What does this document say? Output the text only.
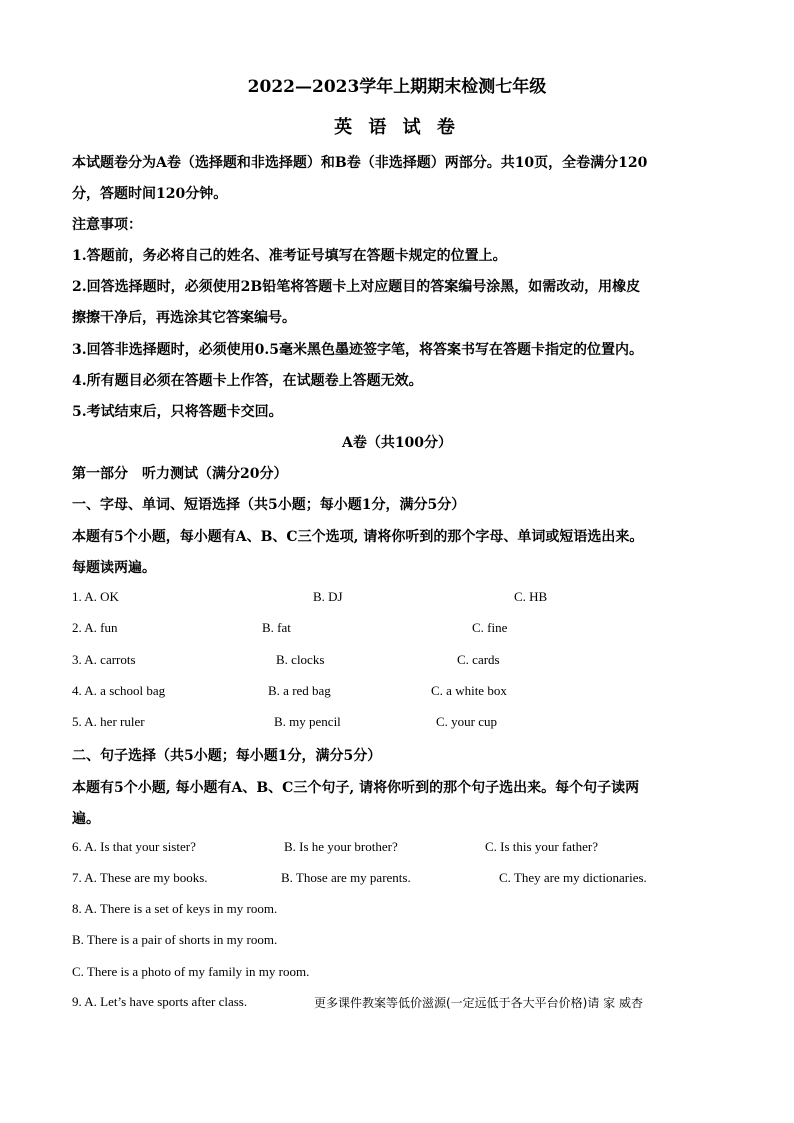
2022—2023学年上期期末检测七年级
英 语 试 卷
本试题卷分为A卷（选择题和非选择题）和B卷（非选择题）两部分。共10页，全卷满分120
分，答题时间120分钟。
注意事项：
1.答题前，务必将自己的姓名、准考证号填写在答题卡规定的位置上。
2.回答选择题时，必须使用2B铅笔将答题卡上对应题目的答案编号涂黑，如需改动，用橡皮
擦擦干净后，再选涂其它答案编号。
3.回答非选择题时，必须使用0.5毫米黑色墨迹签字笔，将答案书写在答题卡指定的位置内。
4.所有题目必须在答题卡上作答，在试题卷上答题无效。
5.考试结束后，只将答题卡交回。
A卷（共100分）
第一部分　听力测试（满分20分）
一、字母、单词、短语选择（共5小题；每小题1分，满分5分）
本题有5个小题，每小题有A、B、C三个选项, 请将你听到的那个字母、单词或短语选出来。
每题读两遍。
1. A. OK	B. DJ	C. HB
2. A. fun	B. fat	C. fine
3. A. carrots	B. clocks	C. cards
4. A. a school bag	B. a red bag	C. a white box
5. A. her ruler	B. my pencil	C. your cup
二、句子选择（共5小题；每小题1分，满分5分）
本题有5个小题, 每小题有A、B、C三个句子, 请将你听到的那个句子选出来。每个句子读两
遍。
6. A. Is that your sister?	B. Is he your brother?	C. Is this your father?
7. A. These are my books.	B. Those are my parents.	C. They are my dictionaries.
8. A. There is a set of keys in my room.
B. There is a pair of shorts in my room.
C. There is a photo of my family in my room.
9. A. Let’s have sports after class.	更多课件教案等低价滋源(一定远低于各大平台价格)请 家 威杏
